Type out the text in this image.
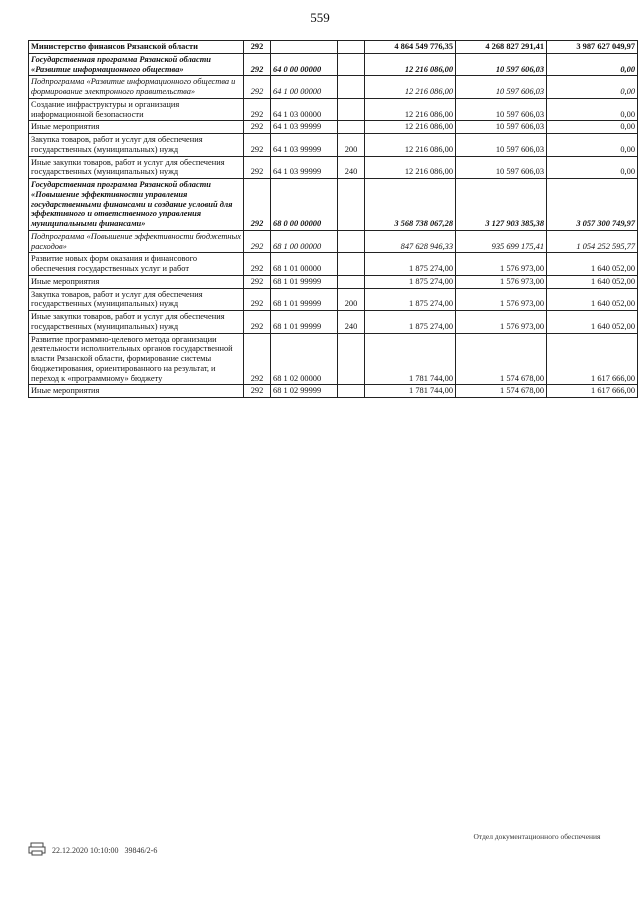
559
Министерство финансов Рязанской области	292			4 864 549 776,35	4 268 827 291,41	3 987 627 049,97
Государственная программа Рязанской области «Развитие информационного общества»	292	64 0 00 00000		12 216 086,00	10 597 606,03	0,00
Подпрограмма «Развитие информационного общества и формирование электронного правительства»	292	64 1 00 00000		12 216 086,00	10 597 606,03	0,00
Создание инфраструктуры и организация информационной безопасности	292	64 1 03 00000		12 216 086,00	10 597 606,03	0,00
Иные мероприятия	292	64 1 03 99999		12 216 086,00	10 597 606,03	0,00
Закупка товаров, работ и услуг для обеспечения государственных (муниципальных) нужд	292	64 1 03 99999	200	12 216 086,00	10 597 606,03	0,00
Иные закупки товаров, работ и услуг для обеспечения государственных (муниципальных) нужд	292	64 1 03 99999	240	12 216 086,00	10 597 606,03	0,00
Государственная программа Рязанской области «Повышение эффективности управления государственными финансами и создание условий для эффективного и ответственного управления муниципальными финансами»	292	68 0 00 00000		3 568 738 067,28	3 127 903 385,38	3 057 300 749,97
Подпрограмма «Повышение эффективности бюджетных расходов»	292	68 1 00 00000		847 628 946,33	935 699 175,41	1 054 252 595,77
Развитие новых форм оказания и финансового обеспечения государственных услуг и работ	292	68 1 01 00000		1 875 274,00	1 576 973,00	1 640 052,00
Иные мероприятия	292	68 1 01 99999		1 875 274,00	1 576 973,00	1 640 052,00
Закупка товаров, работ и услуг для обеспечения государственных (муниципальных) нужд	292	68 1 01 99999	200	1 875 274,00	1 576 973,00	1 640 052,00
Иные закупки товаров, работ и услуг для обеспечения государственных (муниципальных) нужд	292	68 1 01 99999	240	1 875 274,00	1 576 973,00	1 640 052,00
Развитие программно-целевого метода организации деятельности исполнительных органов государственной власти Рязанской области, формирование системы бюджетирования, ориентированного на результат, и переход к «программному» бюджету	292	68 1 02 00000		1 781 744,00	1 574 678,00	1 617 666,00
Иные мероприятия	292	68 1 02 99999		1 781 744,00	1 574 678,00	1 617 666,00
22.12.2020 10:10:00 39846/2-6
Отдел документационного обеспечения
